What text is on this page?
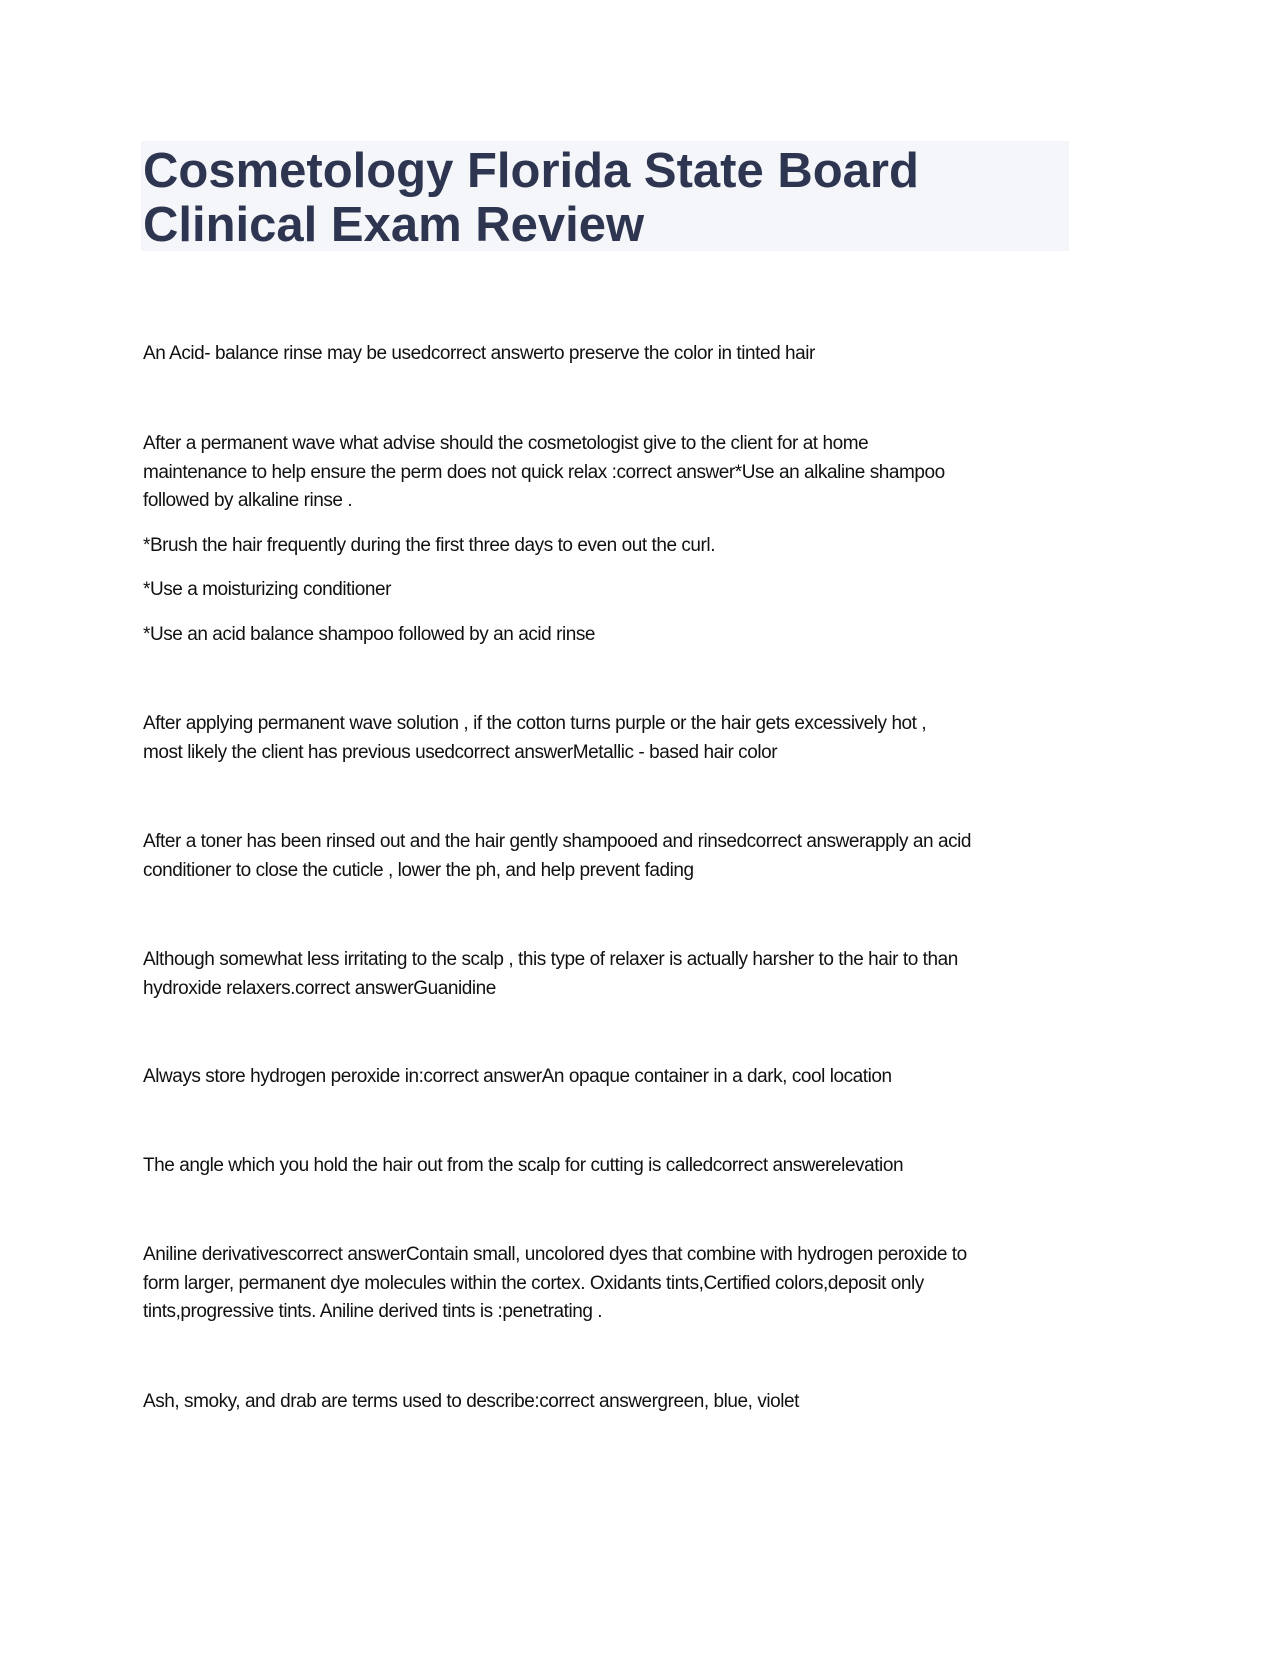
Cosmetology Florida State Board
Clinical Exam Review
An Acid- balance rinse may be usedcorrect answerto preserve the color in tinted hair
After a permanent wave what advise should the cosmetologist give to the client for at home
maintenance to help ensure the perm does not quick relax :correct answer*Use an alkaline shampoo
followed by alkaline rinse .
*Brush the hair frequently during the first three days to even out the curl.
*Use a moisturizing conditioner
*Use an acid balance shampoo followed by an acid rinse
After applying permanent wave solution , if the cotton turns purple or the hair gets excessively hot ,
most likely the client has previous usedcorrect answerMetallic - based hair color
After a toner has been rinsed out and the hair gently shampooed and rinsedcorrect answerapply an acid
conditioner to close the cuticle , lower the ph, and help prevent fading
Although somewhat less irritating to the scalp , this type of relaxer is actually harsher to the hair to than
hydroxide relaxers.correct answerGuanidine
Always store hydrogen peroxide in:correct answerAn opaque container in a dark, cool location
The angle which you hold the hair out from the scalp for cutting is calledcorrect answerelevation
Aniline derivativescorrect answerContain small, uncolored dyes that combine with hydrogen peroxide to
form larger, permanent dye molecules within the cortex. Oxidants tints,Certified colors,deposit only
tints,progressive tints. Aniline derived tints is :penetrating .
Ash, smoky, and drab are terms used to describe:correct answergreen, blue, violet
